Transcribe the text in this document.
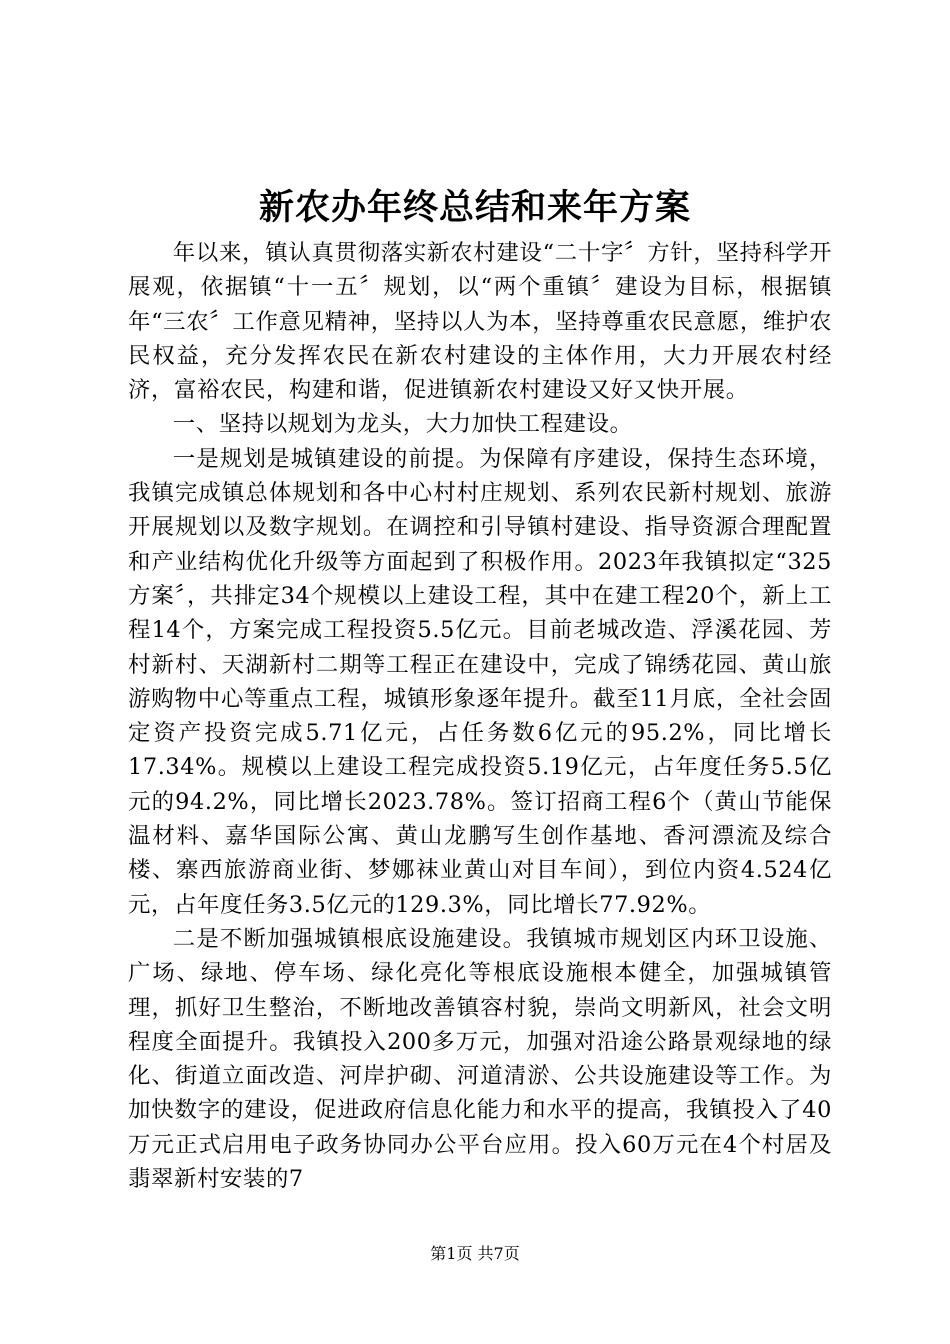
新农办年终总结和来年方案

年以来，镇认真贯彻落实新农村建设“二十字〞方针，坚持科学开展观，依据镇“十一五〞规划，以“两个重镇〞建设为目标，根据镇年“三农〞工作意见精神，坚持以人为本，坚持尊重农民意愿，维护农民权益，充分发挥农民在新农村建设的主体作用，大力开展农村经济，富裕农民，构建和谐，促进镇新农村建设又好又快开展。

一、坚持以规划为龙头，大力加快工程建设。

一是规划是城镇建设的前提。为保障有序建设，保持生态环境，我镇完成镇总体规划和各中心村村庄规划、系列农民新村规划、旅游开展规划以及数字规划。在调控和引导镇村建设、指导资源合理配置和产业结构优化升级等方面起到了积极作用。2023年我镇拟定“325方案〞，共排定34个规模以上建设工程，其中在建工程20个，新上工程14个，方案完成工程投资5.5亿元。目前老城改造、浮溪花园、芳村新村、天湖新村二期等工程正在建设中，完成了锦绣花园、黄山旅游购物中心等重点工程，城镇形象逐年提升。截至11月底，全社会固定资产投资完成5.71亿元，占任务数6亿元的95.2%，同比增长17.34%。规模以上建设工程完成投资5.19亿元，占年度任务5.5亿元的94.2%，同比增长2023.78%。签订招商工程6个（黄山节能保温材料、嘉华国际公寓、黄山龙鹏写生创作基地、香河漂流及综合楼、寨西旅游商业街、梦娜袜业黄山对目车间），到位内资4.524亿元，占年度任务3.5亿元的129.3%，同比增长77.92%。

二是不断加强城镇根底设施建设。我镇城市规划区内环卫设施、广场、绿地、停车场、绿化亮化等根底设施根本健全，加强城镇管理，抓好卫生整治，不断地改善镇容村貌，崇尚文明新风，社会文明程度全面提升。我镇投入200多万元，加强对沿途公路景观绿地的绿化、街道立面改造、河岸护砌、河道清淤、公共设施建设等工作。为加快数字的建设，促进政府信息化能力和水平的提高，我镇投入了40万元正式启用电子政务协同办公平台应用。投入60万元在4个村居及翡翠新村安装的7

第1页 共7页
